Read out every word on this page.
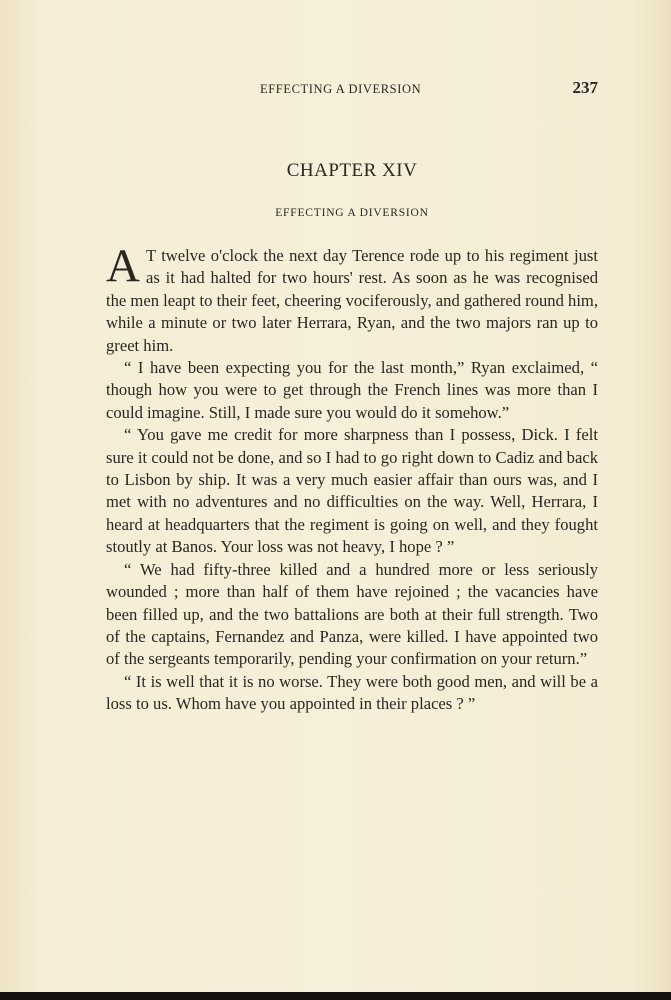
EFFECTING A DIVERSION	237
CHAPTER XIV
EFFECTING A DIVERSION

A T twelve o'clock the next day Terence rode up to his regiment just as it had halted for two hours' rest. As soon as he was recognised the men leapt to their feet, cheering vociferously, and gathered round him, while a minute or two later Herrara, Ryan, and the two majors ran up to greet him.

“ I have been expecting you for the last month,” Ryan exclaimed, “ though how you were to get through the French lines was more than I could imagine. Still, I made sure you would do it somehow.”

“ You gave me credit for more sharpness than I possess, Dick. I felt sure it could not be done, and so I had to go right down to Cadiz and back to Lisbon by ship. It was a very much easier affair than ours was, and I met with no adventures and no difficulties on the way. Well, Herrara, I heard at headquarters that the regiment is going on well, and they fought stoutly at Banos. Your loss was not heavy, I hope ? ”

“ We had fifty-three killed and a hundred more or less seriously wounded ; more than half of them have rejoined ; the vacancies have been filled up, and the two battalions are both at their full strength. Two of the captains, Fernandez and Panza, were killed. I have appointed two of the sergeants temporarily, pending your confirmation on your return.”

“ It is well that it is no worse. They were both good men, and will be a loss to us. Whom have you appointed in their places ? ”
